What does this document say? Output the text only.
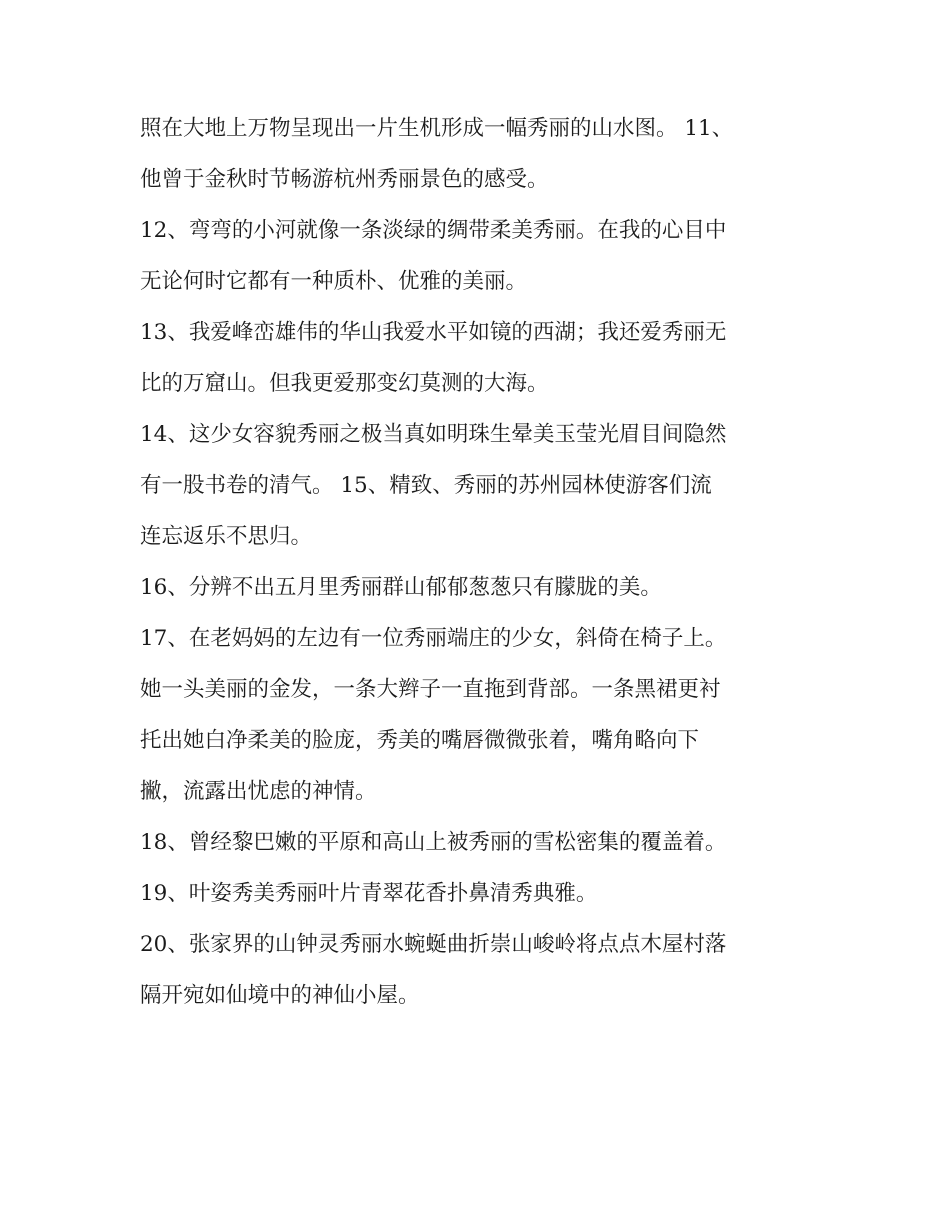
照在大地上万物呈现出一片生机形成一幅秀丽的山水图。 11、
他曾于金秋时节畅游杭州秀丽景色的感受。
12、弯弯的小河就像一条淡绿的绸带柔美秀丽。在我的心目中
无论何时它都有一种质朴、优雅的美丽。
13、我爱峰峦雄伟的华山我爱水平如镜的西湖；我还爱秀丽无
比的万窟山。但我更爱那变幻莫测的大海。
14、这少女容貌秀丽之极当真如明珠生晕美玉莹光眉目间隐然
有一股书卷的清气。 15、精致、秀丽的苏州园林使游客们流
连忘返乐不思归。
16、分辨不出五月里秀丽群山郁郁葱葱只有朦胧的美。
17、在老妈妈的左边有一位秀丽端庄的少女，斜倚在椅子上。
她一头美丽的金发，一条大辫子一直拖到背部。一条黑裙更衬
托出她白净柔美的脸庞，秀美的嘴唇微微张着，嘴角略向下
撇，流露出忧虑的神情。
18、曾经黎巴嫩的平原和高山上被秀丽的雪松密集的覆盖着。
19、叶姿秀美秀丽叶片青翠花香扑鼻清秀典雅。
20、张家界的山钟灵秀丽水蜿蜒曲折崇山峻岭将点点木屋村落
隔开宛如仙境中的神仙小屋。
